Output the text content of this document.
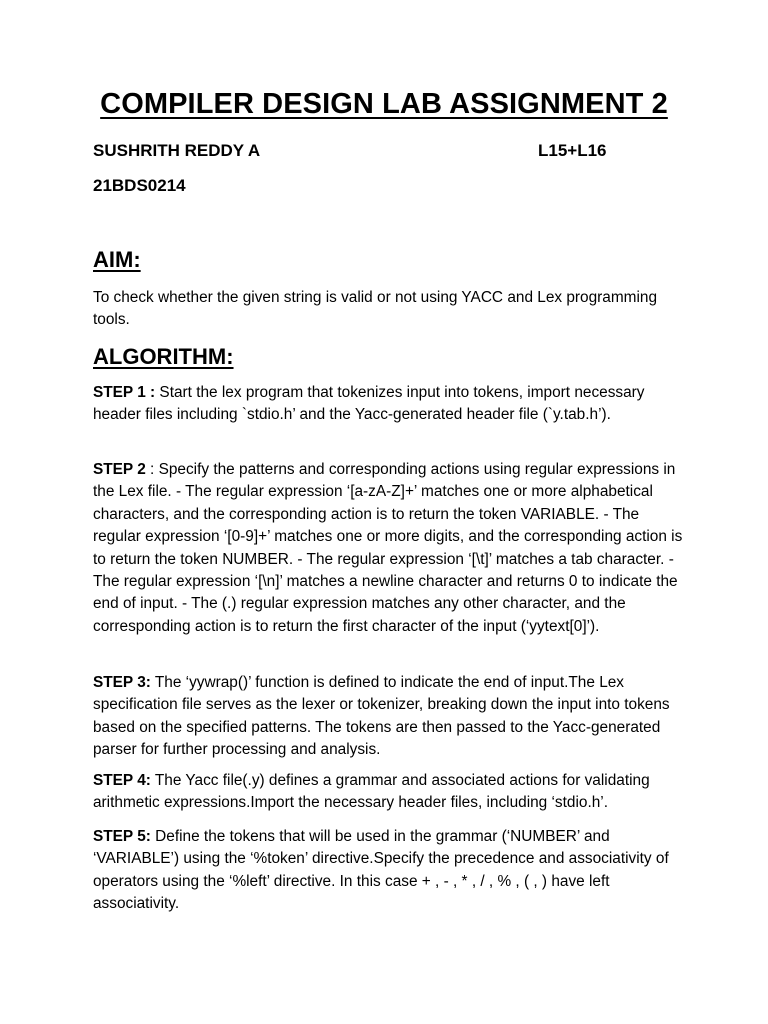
COMPILER DESIGN LAB ASSIGNMENT 2
SUSHRITH REDDY A	L15+L16
21BDS0214
AIM:
To check whether the given string is valid or not using YACC and Lex programming tools.
ALGORITHM:
STEP 1 : Start the lex program that tokenizes input into tokens, import necessary header files including `stdio.h’ and the Yacc-generated header file (`y.tab.h’).
STEP 2 : Specify the patterns and corresponding actions using regular expressions in the Lex file. - The regular expression ‘[a-zA-Z]+’ matches one or more alphabetical characters, and the corresponding action is to return the token VARIABLE. - The regular expression ‘[0-9]+’ matches one or more digits, and the corresponding action is to return the token NUMBER. - The regular expression ‘[\t]’ matches a tab character. - The regular expression ‘[\n]’ matches a newline character and returns 0 to indicate the end of input. - The (.) regular expression matches any other character, and the corresponding action is to return the first character of the input (‘yytext[0]’).
STEP 3: The ‘yywrap()’ function is defined to indicate the end of input.The Lex specification file serves as the lexer or tokenizer, breaking down the input into tokens based on the specified patterns. The tokens are then passed to the Yacc-generated parser for further processing and analysis.
STEP 4: The Yacc file(.y) defines a grammar and associated actions for validating arithmetic expressions.Import the necessary header files, including ‘stdio.h’.
STEP 5: Define the tokens that will be used in the grammar (‘NUMBER’ and ‘VARIABLE’) using the ‘%token’ directive.Specify the precedence and associativity of operators using the ‘%left’ directive. In this case + , - , * , / , % , ( , ) have left associativity.
